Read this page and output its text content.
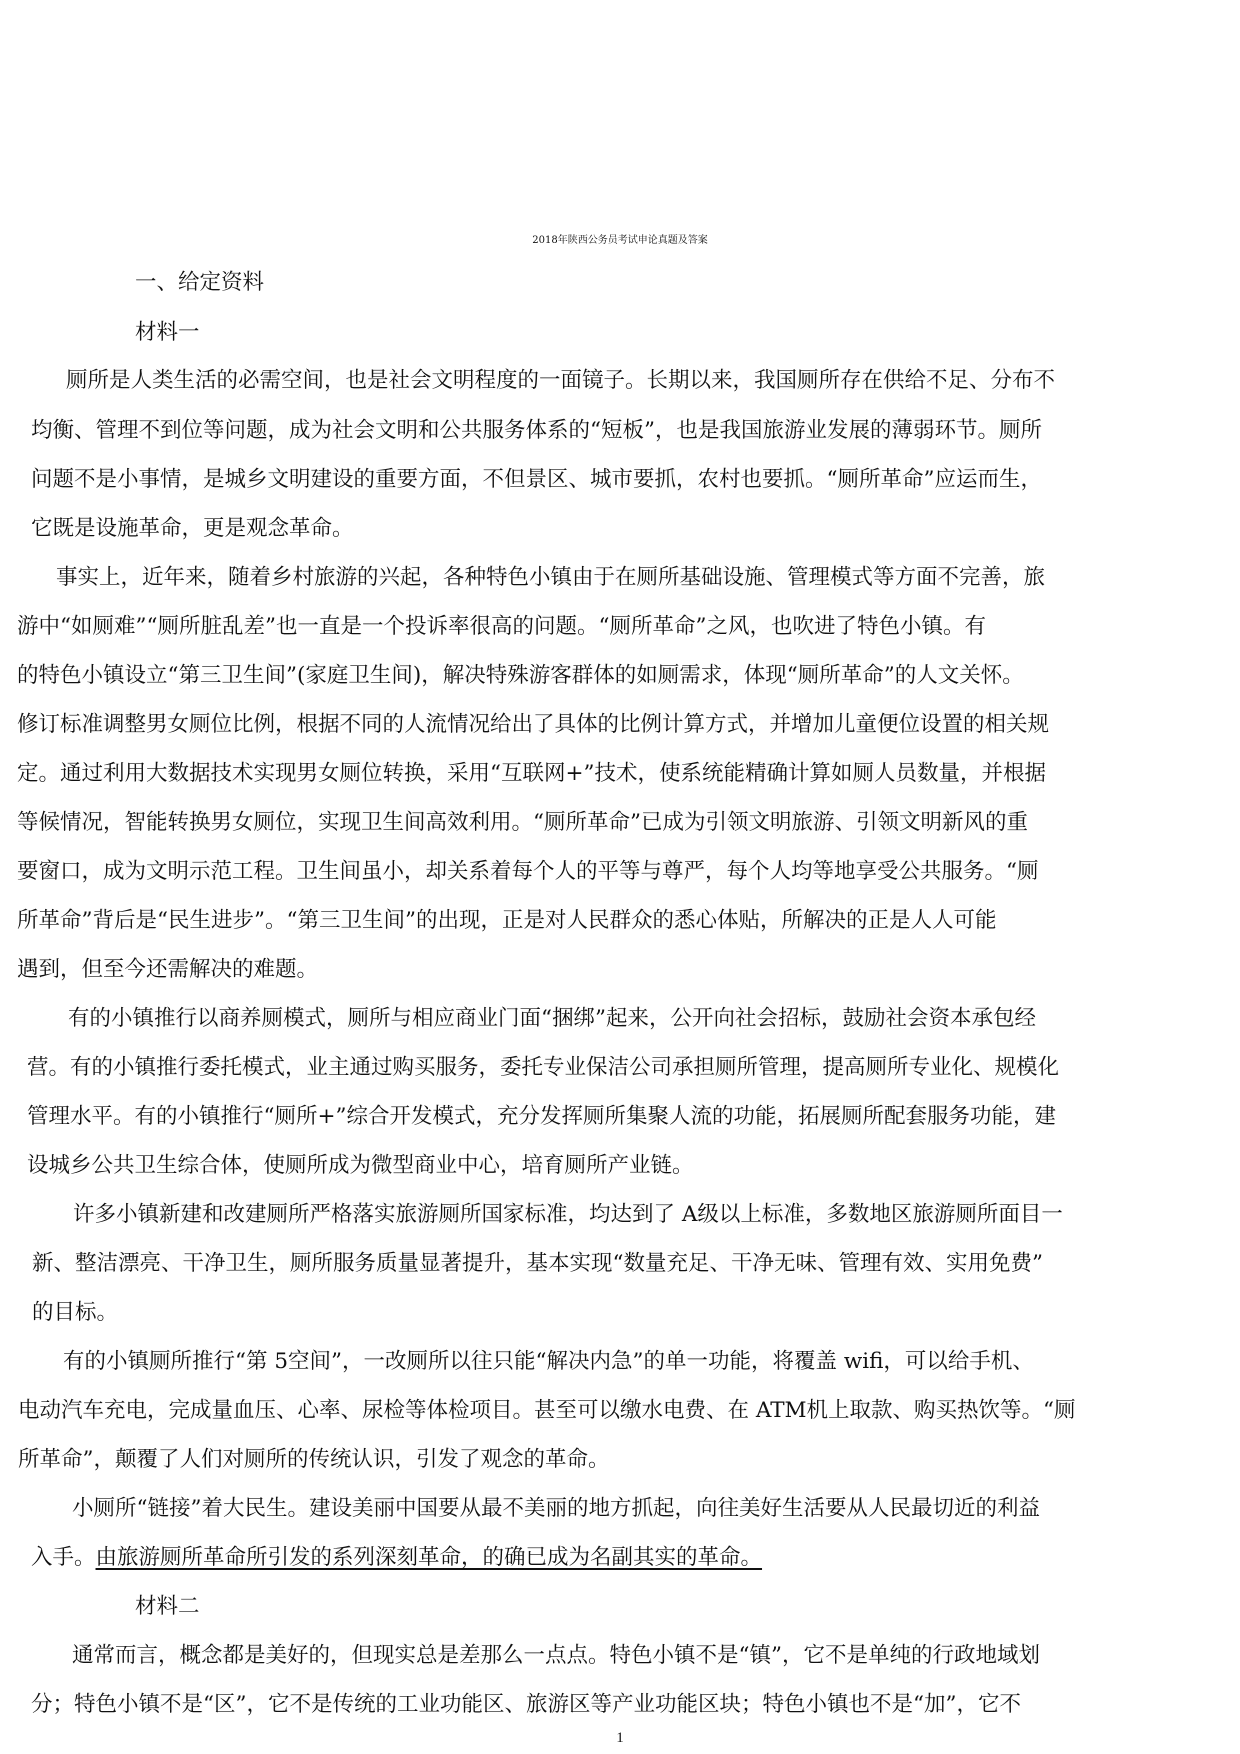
2018年陕西公务员考试申论真题及答案
一、给定资料
材料一

厕所是人类生活的必需空间，也是社会文明程度的一面镜子。长期以来，我国厕所存在供给不足、分布不

均衡、管理不到位等问题，成为社会文明和公共服务体系的“短板”，也是我国旅游业发展的薄弱环节。厕所

问题不是小事情，是城乡文明建设的重要方面，不但景区、城市要抓，农村也要抓。“厕所革命”应运而生，

它既是设施革命，更是观念革命。

事实上，近年来，随着乡村旅游的兴起，各种特色小镇由于在厕所基础设施、管理模式等方面不完善，旅

游中“如厕难”“厕所脏乱差”也一直是一个投诉率很高的问题。“厕所革命”之风，也吹进了特色小镇。有

的特色小镇设立“第三卫生间”(家庭卫生间)，解决特殊游客群体的如厕需求，体现“厕所革命”的人文关怀。

修订标准调整男女厕位比例，根据不同的人流情况给出了具体的比例计算方式，并增加儿童便位设置的相关规

定。通过利用大数据技术实现男女厕位转换，采用“互联网+”技术，使系统能精确计算如厕人员数量，并根据

等候情况，智能转换男女厕位，实现卫生间高效利用。“厕所革命”已成为引领文明旅游、引领文明新风的重

要窗口，成为文明示范工程。卫生间虽小，却关系着每个人的平等与尊严，每个人均等地享受公共服务。“厕

所革命”背后是“民生进步”。“第三卫生间”的出现，正是对人民群众的悉心体贴，所解决的正是人人可能

遇到，但至今还需解决的难题。

有的小镇推行以商养厕模式，厕所与相应商业门面“捆绑”起来，公开向社会招标，鼓励社会资本承包经

营。有的小镇推行委托模式，业主通过购买服务，委托专业保洁公司承担厕所管理，提高厕所专业化、规模化

管理水平。有的小镇推行“厕所+”综合开发模式，充分发挥厕所集聚人流的功能，拓展厕所配套服务功能，建

设城乡公共卫生综合体，使厕所成为微型商业中心，培育厕所产业链。

许多小镇新建和改建厕所严格落实旅游厕所国家标准，均达到了 A级以上标准，多数地区旅游厕所面目一

新、整洁漂亮、干净卫生，厕所服务质量显著提升，基本实现“数量充足、干净无味、管理有效、实用免费”

的目标。

有的小镇厕所推行“第 5空间”，一改厕所以往只能“解决内急”的单一功能，将覆盖 wifi，可以给手机、

电动汽车充电，完成量血压、心率、尿检等体检项目。甚至可以缴水电费、在 ATM机上取款、购买热饮等。“厕

所革命”，颠覆了人们对厕所的传统认识，引发了观念的革命。

小厕所“链接”着大民生。建设美丽中国要从最不美丽的地方抓起，向往美好生活要从人民最切近的利益

入手。由旅游厕所革命所引发的系列深刻革命，的确已成为名副其实的革命。

材料二

通常而言，概念都是美好的，但现实总是差那么一点点。特色小镇不是“镇”，它不是单纯的行政地域划

分；特色小镇不是“区”，它不是传统的工业功能区、旅游区等产业功能区块；特色小镇也不是“加”，它不

1
